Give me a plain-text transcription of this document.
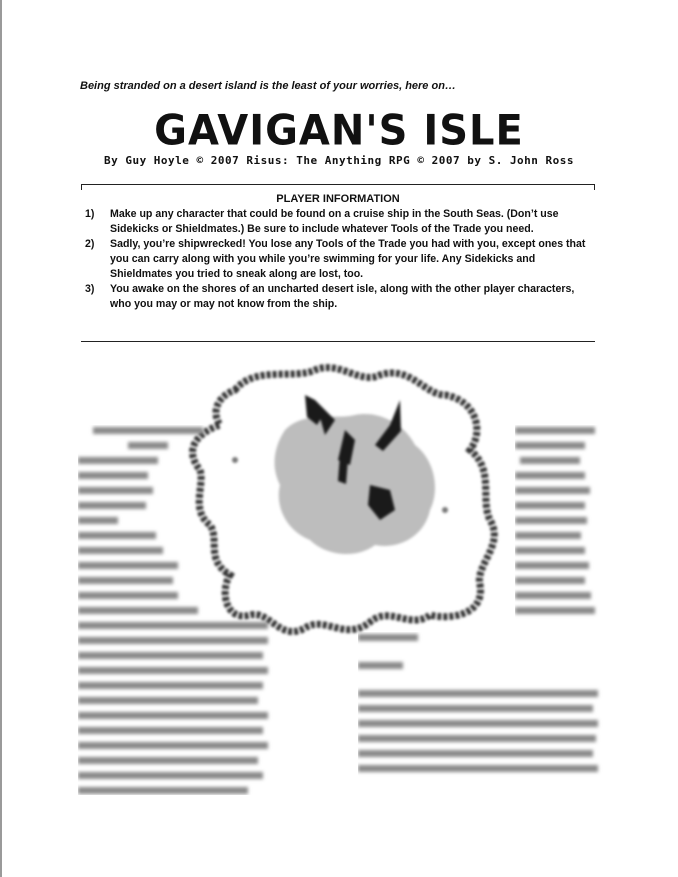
Being stranded on a desert island is the least of your worries, here on…
GAVIGAN'S ISLE
By Guy Hoyle © 2007 Risus: The Anything RPG © 2007 by S. John Ross
PLAYER INFORMATION
1)	Make up any character that could be found on a cruise ship in the South Seas. (Don’t use Sidekicks or Shieldmates.) Be sure to include whatever Tools of the Trade you need.
2)	Sadly, you’re shipwrecked! You lose any Tools of the Trade you had with you, except ones that you can carry along with you while you’re swimming for your life. Any Sidekicks and Shieldmates you tried to sneak along are lost, too.
3)	You awake on the shores of an uncharted desert isle, along with the other player characters, who you may or may not know from the ship.
